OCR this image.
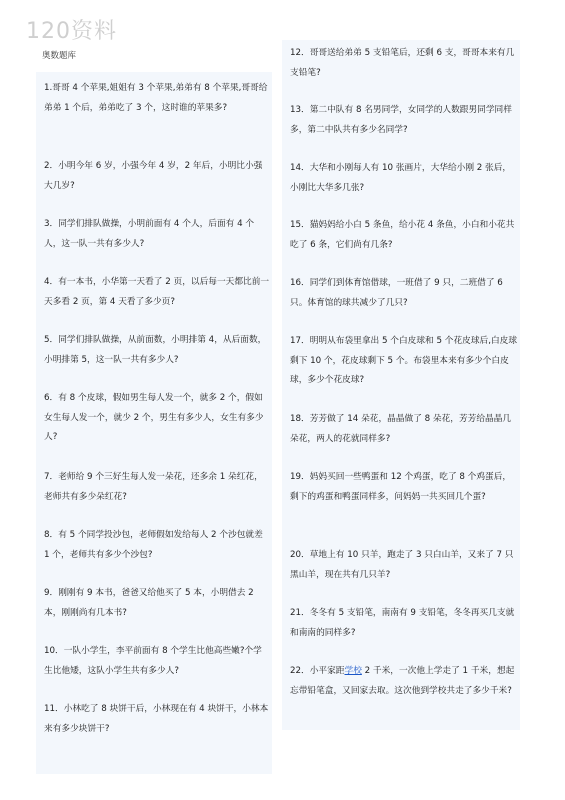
120资料
奥数题库
1.哥哥 4 个苹果,姐姐有 3 个苹果,弟弟有 8 个苹果,哥哥给弟弟 1 个后，弟弟吃了 3 个，这时谁的苹果多?
2．小明今年 6 岁，小强今年 4 岁，2 年后，小明比小强大几岁?
3．同学们排队做操，小明前面有 4 个人，后面有 4 个人，这一队一共有多少人?
4．有一本书，小华第一天看了 2 页，以后每一天都比前一天多看 2 页，第 4 天看了多少页?
5．同学们排队做操，从前面数，小明排第 4，从后面数，小明排第 5，这一队一共有多少人?
6．有 8 个皮球，假如男生每人发一个，就多 2 个，假如女生每人发一个，就少 2 个，男生有多少人，女生有多少人?
7．老师给 9 个三好生每人发一朵花，还多余 1 朵红花，老师共有多少朵红花?
8．有 5 个同学投沙包，老师假如发给每人 2 个沙包就差 1 个，老师共有多少个沙包?
9．刚刚有 9 本书，爸爸又给他买了 5 本，小明借去 2 本，刚刚尚有几本书?
10．一队小学生，李平前面有 8 个学生比他高些嫩?个学生比他矮，这队小学生共有多少人?
11．小林吃了 8 块饼干后，小林现在有 4 块饼干，小林本来有多少块饼干?
12．哥哥送给弟弟 5 支铅笔后，还剩 6 支，哥哥本来有几支铅笔?
13．第二中队有 8 名男同学，女同学的人数跟男同学同样多，第二中队共有多少名同学?
14．大华和小刚每人有 10 张画片，大华给小刚 2 张后，小刚比大华多几张?
15．猫妈妈给小白 5 条鱼，给小花 4 条鱼，小白和小花共吃了 6 条，它们尚有几条?
16．同学们到体育馆借球，一班借了 9 只，二班借了 6 只。体育馆的球共减少了几只?
17．明明从布袋里拿出 5 个白皮球和 5 个花皮球后,白皮球剩下 10 个，花皮球剩下 5 个。布袋里本来有多少个白皮球，多少个花皮球?
18．芳芳做了 14 朵花，晶晶做了 8 朵花，芳芳给晶晶几朵花，两人的花就同样多?
19．妈妈买回一些鸭蛋和 12 个鸡蛋，吃了 8 个鸡蛋后，剩下的鸡蛋和鸭蛋同样多，问妈妈一共买回几个蛋?
20．草地上有 10 只羊，跑走了 3 只白山羊，又来了 7 只黑山羊，现在共有几只羊?
21．冬冬有 5 支铅笔，南南有 9 支铅笔，冬冬再买几支就和南南的同样多?
22．小平家距学校 2 千米，一次他上学走了 1 千米，想起忘带铅笔盒，又回家去取。这次他到学校共走了多少千米?
